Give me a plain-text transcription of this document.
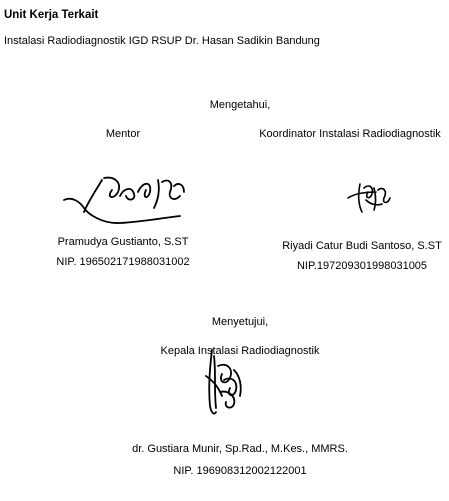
Unit Kerja Terkait
Instalasi Radiodiagnostik IGD RSUP Dr. Hasan Sadikin Bandung
Mengetahui,
Mentor	Koordinator Instalasi Radiodiagnostik
Pramudya Gustianto, S.ST
NIP. 196502171988031002
Riyadi Catur Budi Santoso, S.ST
NIP.197209301998031005
Menyetujui,
Kepala Instalasi Radiodiagnostik
dr. Gustiara Munir, Sp.Rad., M.Kes., MMRS.
NIP. 196908312002122001
